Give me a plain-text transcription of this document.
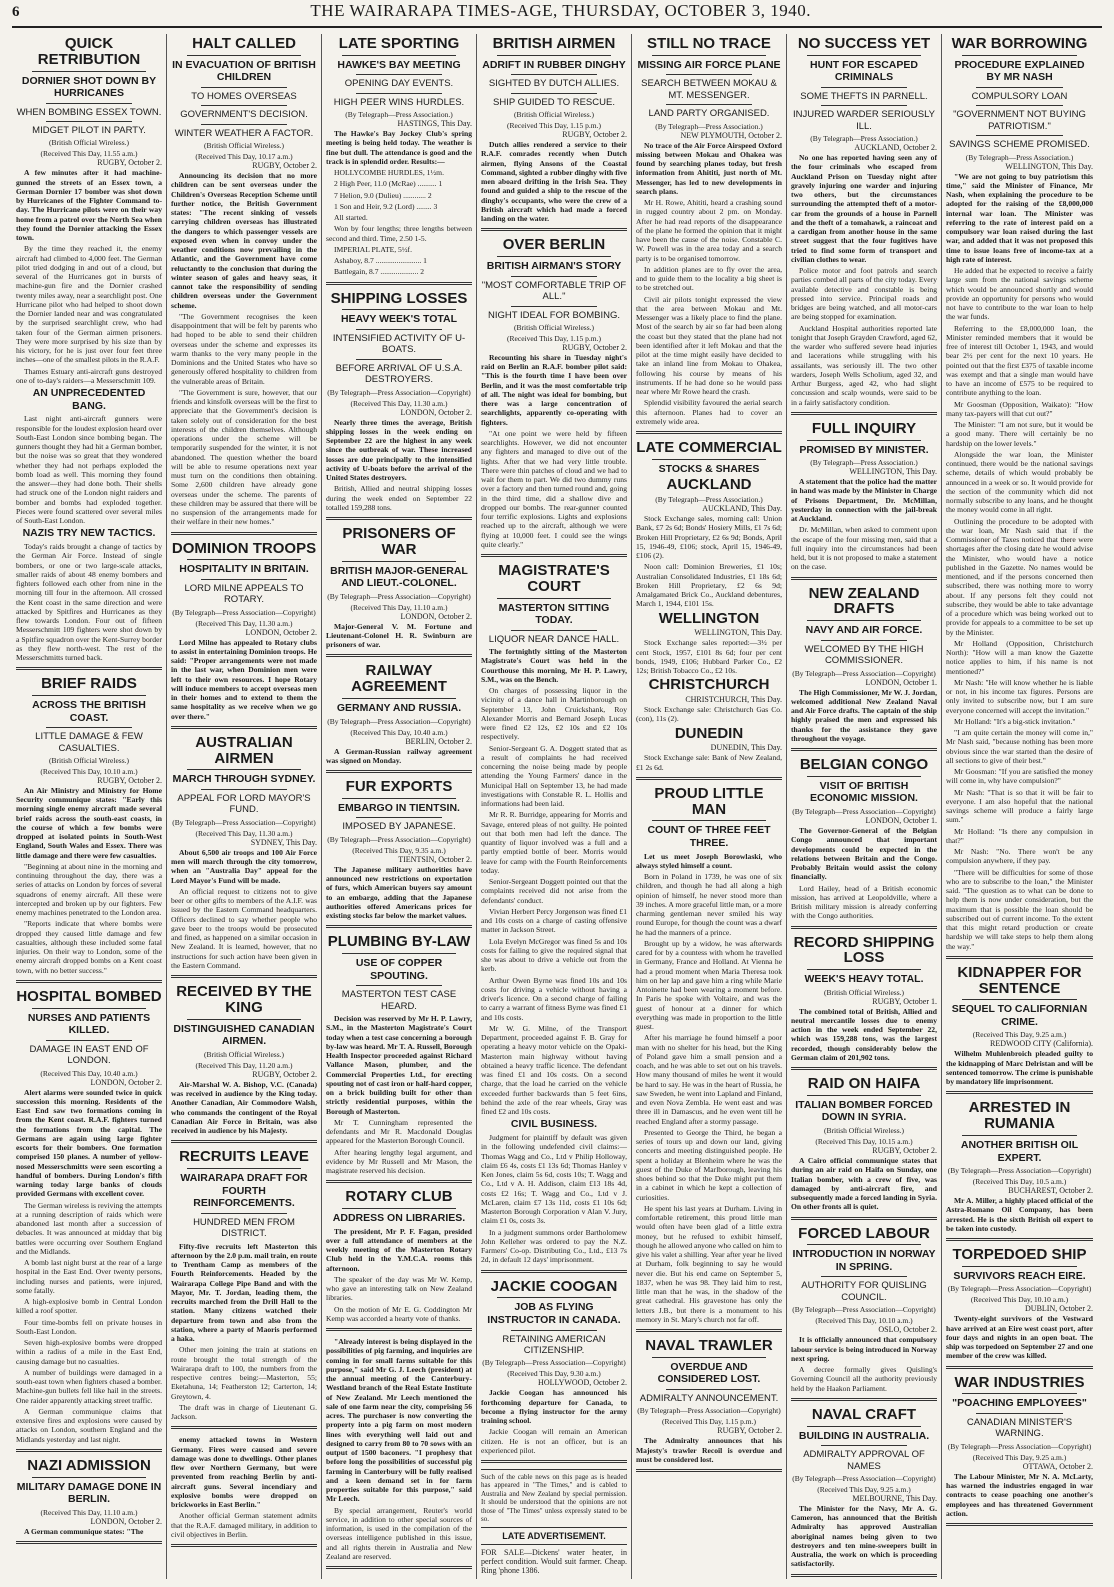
6	THE WAIRARAPA TIMES-AGE, THURSDAY, OCTOBER 3, 1940.
QUICK RETRIBUTION
DORNIER SHOT DOWN BY HURRICANES
WHEN BOMBING ESSEX TOWN.
MIDGET PILOT IN PARTY.
(British Official Wireless.)
(Received This Day, 11.55 a.m.)
RUGBY, October 2.

A few minutes after it had machine-gunned the streets of an Essex town, a German Dornier 17 bomber was shot down by Hurricanes of the Fighter Command to-day. The Hurricane pilots were on their way home from a patrol over the North Sea when they found the Dornier attacking the Essex town.

By the time they reached it, the enemy aircraft had climbed to 4,000 feet. The German pilot tried dodging in and out of a cloud, but several of the Hurricanes got in bursts of machine-gun fire and the Dornier crashed twenty miles away, near a searchlight post. One Hurricane pilot who had helped to shoot down the Dornier landed near and was congratulated by the surprised searchlight crew, who had taken four of the German airmen prisoners. They were more surprised by his size than by his victory, for he is just over four feet three inches—one of the smallest pilots in the R.A.F.

Thames Estuary anti-aircraft guns destroyed one of to-day's raiders—a Messerschmitt 109.

AN UNPRECEDENTED BANG.

Last night anti-aircraft gunners were responsible for the loudest explosion heard over South-East London since bombing began. The gunners thought they had hit a German bomber, but the noise was so great that they wondered whether they had not perhaps exploded the bomb load as well. This morning they found the answer—they had done both. Their shells had struck one of the London night raiders and bomber and bombs had exploded together. Pieces were found scattered over several miles of South-East London.

NAZIS TRY NEW TACTICS.

Today's raids brought a change of tactics by the German Air Force. Instead of single bombers, or one or two large-scale attacks, smaller raids of about 48 enemy bombers and fighters followed each other from nine in the morning till four in the afternoon. All crossed the Kent coast in the same direction and were attacked by Spitfires and Hurricanes as they flew towards London. Four out of fifteen Messerschmitt 109 fighters were shot down by a Spitfire squadron over the Kent-Surrey border as they flew north-west. The rest of the Messerschmitts turned back.

BRIEF RAIDS
ACROSS THE BRITISH COAST.
LITTLE DAMAGE & FEW CASUALTIES.
(British Official Wireless.)
(Received This Day, 10.10 a.m.)
RUGBY, October 2.

An Air Ministry and Ministry for Home Security communique states: "Early this morning single enemy aircraft made several brief raids across the south-east coasts, in the course of which a few bombs were dropped at isolated points in South-West England, South Wales and Essex. There was little damage and there were few casualties.

"Beginning at about nine in the morning and continuing throughout the day, there was a series of attacks on London by forces of several squadrons of enemy aircraft. All these were intercepted and broken up by our fighters. Few enemy machines penetrated to the London area.

"Reports indicate that where bombs were dropped they caused little damage and few casualties, although these included some fatal injuries. On their way to London, some of the enemy aircraft dropped bombs on a Kent coast town, with no better success."

HOSPITAL BOMBED
NURSES AND PATIENTS KILLED.
DAMAGE IN EAST END OF LONDON.
(Received This Day, 10.40 a.m.)
LONDON, October 2.

Alert alarms were sounded twice in quick succession this morning. Residents of the East End saw two formations coming in from the Kent coast. R.A.F. fighters turned the formations from the capital. The Germans are again using large fighter escorts for their bombers. One formation comprised 150 planes. A number of yellow-nosed Messerschmitts were seen escorting a handful of bombers. During London's fifth warning today large banks of clouds provided Germans with excellent cover.

The German wireless is reviving the attempts at a running description of raids which were abandoned last month after a succession of debacles. It was announced at midday that big battles were occurring over Southern England and the Midlands.

A bomb last night burst at the rear of a large hospital in the East End. Over twenty persons, including nurses and patients, were injured, some fatally.

A high-explosive bomb in Central London killed a roof spotter.

Four time-bombs fell on private houses in South-East London.

Seven high-explosive bombs were dropped within a radius of a mile in the East End, causing damage but no casualties.

A number of buildings were damaged in a south-east town when fighters chased a bomber. Machine-gun bullets fell like hail in the streets. One raider apparently attacking street traffic.

A German communique claims that extensive fires and explosions were caused by attacks on London, southern England and the Midlands yesterday and last night.

NAZI ADMISSION
MILITARY DAMAGE DONE IN BERLIN.
(Received This Day, 11.10 a.m.)
LONDON, October 2.

A German communique states: "The

HALT CALLED
IN EVACUATION OF BRITISH CHILDREN
TO HOMES OVERSEAS
GOVERNMENT'S DECISION.
WINTER WEATHER A FACTOR.
(British Official Wireless.)
(Received This Day, 10.17 a.m.)
RUGBY, October 2.

Announcing its decision that no more children can be sent overseas under the Children's Overseas Reception Scheme until further notice, the British Government states: "The recent sinking of vessels carrying children overseas has illustrated the dangers to which passenger vessels are exposed even when in convoy under the weather conditions now prevailing in the Atlantic, and the Government have come reluctantly to the conclusion that during the winter season of gales and heavy seas, it cannot take the responsibility of sending children overseas under the Government scheme.

"The Government recognises the keen disappointment that will be felt by parents who had hoped to be able to send their children overseas under the scheme and expresses its warm thanks to the very many people in the Dominions and the United States who have so generously offered hospitality to children from the vulnerable areas of Britain.

"The Government is sure, however, that our friends and kinsfolk overseas will be the first to appreciate that the Government's decision is taken solely out of consideration for the best interests of the children themselves. Although operations under the scheme will be temporarily suspended for the winter, it is not abandoned. The question whether the board will be able to resume operations next year must turn on the conditions then obtaining. Some 2,600 children have already gone overseas under the scheme. The parents of these children may be assured that there will be no suspension of the arrangements made for their welfare in their new homes."

DOMINION TROOPS
HOSPITALITY IN BRITAIN.
LORD MILNE APPEALS TO ROTARY.
(By Telegraph—Press Association—Copyright)
(Received This Day, 11.30 a.m.)
LONDON, October 2.

Lord Milne has appealed to Rotary clubs to assist in entertaining Dominion troops. He said: "Proper arrangements were not made in the last war, when Dominion men were left to their own resources. I hope Rotary will induce members to accept overseas men in their homes and to extend to them the same hospitality as we receive when we go over there."

AUSTRALIAN AIRMEN
MARCH THROUGH SYDNEY.
APPEAL FOR LORD MAYOR'S FUND.
(By Telegraph—Press Association—Copyright)
(Received This Day, 11.30 a.m.)
SYDNEY, This Day.

About 6,500 air troops and 100 Air Force men will march through the city tomorrow, when an "Australia Day" appeal for the Lord Mayor's Fund will be made.

An official request to citizens not to give beer or other gifts to members of the A.I.F. was issued by the Eastern Command headquarters. Officers declined to say whether people who gave beer to the troops would be prosecuted and fined, as happened on a similar occasion in New Zealand. It is learned, however, that no instructions for such action have been given in the Eastern Command.

RECEIVED BY THE KING
DISTINGUISHED CANADIAN AIRMEN.
(British Official Wireless.)
(Received This Day, 11.20 a.m.)
RUGBY, October 2.

Air-Marshal W. A. Bishop, V.C. (Canada) was received in audience by the King today. Another Canadian, Air Commodore Walsh, who commands the contingent of the Royal Canadian Air Force in Britain, was also received in audience by his Majesty.

RECRUITS LEAVE
WAIRARAPA DRAFT FOR FOURTH REINFORCEMENTS.
HUNDRED MEN FROM DISTRICT.

Fifty-five recruits left Masterton this afternoon by the 2.0 p.m. mail train, en route to Trentham Camp as members of the Fourth Reinforcements. Headed by the Wairarapa College Pipe Band and with the Mayor, Mr. T. Jordan, leading them, the recruits marched from the Drill Hall to the station. Many citizens watched their departure from town and also from the station, where a party of Maoris performed a haka.

Other men joining the train at stations en route brought the total strength of the Wairarapa draft to 100, the numbers from the respective centres being:—Masterton, 55; Eketahuna, 14; Featherston 12; Carterton, 14; Greytown, 4.

The draft was in charge of Lieutenant G. Jackson.

enemy attacked towns in Western Germany. Fires were caused and severe damage was done to dwellings. Other planes flew over Northern Germany, but were prevented from reaching Berlin by anti-aircraft guns. Several incendiary and explosive bombs were dropped on brickworks in East Berlin."

Another official German statement admits that the R.A.F. damaged military, in addition to civil objectives in Berlin.

LATE SPORTING
HAWKE'S BAY MEETING
OPENING DAY EVENTS.
HIGH PEER WINS HURDLES.
(By Telegraph—Press Association.)
HASTINGS, This Day.

The Hawke's Bay Jockey Club's spring meeting is being held today. The weather is fine but dull. The attendance is good and the track is in splendid order. Results:—

HOLLYCOMBE HURDLES, 1½m.

2 High Peer, 11.0 (McRae) .......... 1

7 Helion, 9.0 (Dulieu) ............ 2

1 Son and Heir, 9.2 (Lord) ........ 3

All started.

Won by four lengths; three lengths between second and third. Time, 2.50 1-5.

IMPERIAL PLATE, 5½f.

Ashaboy, 8.7 ........................ 1

Battlegain, 8.7 .................... 2

SHIPPING LOSSES
HEAVY WEEK'S TOTAL
INTENSIFIED ACTIVITY OF U-BOATS.
BEFORE ARRIVAL OF U.S.A. DESTROYERS.
(By Telegraph—Press Association—Copyright)
(Received This Day, 11.30 a.m.)
LONDON, October 2.

Nearly three times the average, British shipping losses in the week ending on September 22 are the highest in any week since the outbreak of war. These increased losses are due principally to the intensified activity of U-boats before the arrival of the United States destroyers.

British, Allied and neutral shipping losses during the week ended on September 22 totalled 159,288 tons.

PRISONERS OF WAR
BRITISH MAJOR-GENERAL AND LIEUT.-COLONEL.
(By Telegraph—Press Association—Copyright)
(Received This Day, 11.10 a.m.)
LONDON, October 2.

Major-General V. M. Fortune and Lieutenant-Colonel H. R. Swinburn are prisoners of war.

RAILWAY AGREEMENT
GERMANY AND RUSSIA.
(By Telegraph—Press Association—Copyright)
(Received This Day, 10.40 a.m.)
BERLIN, October 2.

A German-Russian railway agreement was signed on Monday.

FUR EXPORTS
EMBARGO IN TIENTSIN.
IMPOSED BY JAPANESE.
(By Telegraph—Press Association—Copyright)
(Received This Day, 9.35 a.m.)
TIENTSIN, October 2.

The Japanese military authorities have announced new restrictions on exportation of furs, which American buyers say amount to an embargo, adding that the Japanese authorities offered Americans prices for existing stocks far below the market values.

PLUMBING BY-LAW
USE OF COPPER SPOUTING.
MASTERTON TEST CASE HEARD.

Decision was reserved by Mr H. P. Lawry, S.M., in the Masterton Magistrate's Court today when a test case concerning a borough by-law was heard. Mr T. A. Russell, Borough Health Inspector proceeded against Richard Vallance Mason, plumber, and the Commercial Properties Ltd., for erecting spouting not of cast iron or half-hard copper, on a brick building built for other than strictly residential purposes, within the Borough of Masterton.

Mr T. Cunningham represented the defendants and Mr R. Macdonald Douglas appeared for the Masterton Borough Council.

After hearing lengthy legal argument, and evidence by Mr Russell and Mr Mason, the magistrate reserved his decision.

ROTARY CLUB
ADDRESS ON LIBRARIES.

The president, Mr P. F. Fagan, presided over a full attendance of members at the weekly meeting of the Masterton Rotary Club held in the Y.M.C.A. rooms this afternoon.

The speaker of the day was Mr W. Kemp, who gave an interesting talk on New Zealand libraries.

On the motion of Mr E. G. Coddington Mr Kemp was accorded a hearty vote of thanks.

"Already interest is being displayed in the possibilities of pig farming, and inquiries are coming in for small farms suitable for this purpose," said Mr G. J. Leech (president) at the annual meeting of the Canterbury-Westland branch of the Real Estate Institute of New Zealand. Mr Leech mentioned the sale of one farm near the city, comprising 56 acres. The purchaser is now converting the property into a pig farm on most modern lines with everything well laid out and designed to carry from 80 to 70 sows with an output of 1500 baconers. "I prophesy that before long the possibilities of successful pig farming in Canterbury will be fully realised and a keen demand set in for farm properties suitable for this purpose," said Mr Leech.

By special arrangement, Reuter's world service, in addition to other special sources of information, is used in the compilation of the overseas intelligence published in this issue, and all rights therein in Australia and New Zealand are reserved.

BRITISH AIRMEN
ADRIFT IN RUBBER DINGHY
SIGHTED BY DUTCH ALLIES.
SHIP GUIDED TO RESCUE.
(British Official Wireless.)
(Received This Day, 1.15 p.m.)
RUGBY, October 2.

Dutch allies rendered a service to their R.A.F. comrades recently when Dutch airmen, flying Ansons of the Coastal Command, sighted a rubber dinghy with five men aboard drifting in the Irish Sea. They found and guided a ship to the rescue of the dinghy's occupants, who were the crew of a British aircraft which had made a forced landing on the water.

OVER BERLIN
BRITISH AIRMAN'S STORY
"MOST COMFORTABLE TRIP OF ALL."
NIGHT IDEAL FOR BOMBING.
(British Official Wireless.)
(Received This Day, 1.15 p.m.)
RUGBY, October 2.

Recounting his share in Tuesday night's raid on Berlin an R.A.F. bomber pilot said: "This is the fourth time I have been over Berlin, and it was the most comfortable trip of all. The night was ideal for bombing, but there was a large concentration of searchlights, apparently co-operating with fighters.

"At one point we were held by fifteen searchlights. However, we did not encounter any fighters and managed to dive out of the lights. After that we had very little trouble. There were thin patches of cloud and we had to wait for them to part. We did two dummy runs over a factory and then turned round and, going in the third time, did a shallow dive and dropped our bombs. The rear-gunner counted four terrific explosions. Lights and explosions reached up to the aircraft, although we were flying at 10,000 feet. I could see the wings quite clearly."

MAGISTRATE'S COURT
MASTERTON SITTING TODAY.
LIQUOR NEAR DANCE HALL.

The fortnightly sitting of the Masterton Magistrate's Court was held in the Courthouse this morning, Mr H. P. Lawry, S.M., was on the Bench.

On charges of possessing liquor in the vicinity of a dance hall in Martinborough on September 13, John Cruickshank, Roy Alexander Morris and Bernard Joseph Lucas were fined £2 12s, £2 10s and £2 10s respectively.

Senior-Sergeant G. A. Doggett stated that as a result of complaints he had received concerning the noise being made by people attending the Young Farmers' dance in the Municipal Hall on September 13, he had made investigations with Constable R. L. Hollis and informations had been laid.

Mr R. R. Burridge, appearing for Morris and Savage, entered pleas of not guilty. He pointed out that both men had left the dance. The quantity of liquor involved was a full and a partly emptied bottle of beer. Morris would leave for camp with the Fourth Reinforcements today.

Senior-Sergeant Doggett pointed out that the complaints received did not arise from the defendants' conduct.

Vivian Herbert Percy Jorgenson was fined £1 and 10s costs on a charge of casting offensive matter in Jackson Street.

Lola Evelyn McGregor was fined 5s and 10s costs for failing to give the required signal that she was about to drive a vehicle out from the kerb.

Arthur Owen Byrne was fined 10s and 10s costs for driving a vehicle without having a driver's licence. On a second charge of failing to carry a warrant of fitness Byrne was fined £1 and 10s costs.

Mr W. G. Milne, of the Transport Department, proceeded against F. B. Gray for operating a heavy motor vehicle on the Opaki-Masterton main highway without having obtained a heavy traffic licence. The defendant was fined £1 and 10s costs. On a second charge, that the load he carried on the vehicle exceeded further backwards than 5 feet 6ins, behind the axle of the rear wheels, Gray was fined £2 and 10s costs.

CIVIL BUSINESS.

Judgment for plaintiff by default was given in the following undefended civil claims:—Thomas Wagg and Co., Ltd v Philip Holloway, claim £6 4s, costs £1 13s 6d; Thomas Hanley v Ken Jones, claim 5s 6d, costs 10s; T. Wagg and Co., Ltd v A. H. Addison, claim £13 18s 4d, costs £2 16s; T. Wagg and Co., Ltd v J. McLaren, claim £7 13s 11d, costs £1 10s 6d; Masterton Borough Corporation v Alan V. Jury, claim £1 0s, costs 3s.

In a judgment summons order Bartholomew John Kelleher was ordered to pay the N.Z. Farmers' Co-op. Distributing Co., Ltd., £13 7s 2d, in default 12 days' imprisonment.

JACKIE COOGAN
JOB AS FLYING INSTRUCTOR IN CANADA.
RETAINING AMERICAN CITIZENSHIP.
(By Telegraph—Press Association—Copyright)
(Received This Day, 9.30 a.m.)
HOLLYWOOD, October 2.

Jackie Coogan has announced his forthcoming departure for Canada, to become a flying instructor for the army training school.

Jackie Coogan will remain an American citizen. He is not an officer, but is an experienced pilot.

Such of the cable news on this page as is headed has appeared in "The Times," and is cabled to Australia and New Zealand by special permission. It should be understood that the opinions are not those of "The Times" unless expressly stated to be so.
LATE ADVERTISEMENT.
FOR SALE—Dickens' water heater, in perfect condition. Would suit farmer. Cheap. Ring 'phone 1386.
STILL NO TRACE
MISSING AIR FORCE PLANE
SEARCH BETWEEN MOKAU & MT. MESSENGER.
LAND PARTY ORGANISED.
(By Telegraph—Press Association.)
NEW PLYMOUTH, October 2.

No trace of the Air Force Airspeed Oxford missing between Mokau and Ohakea was found by searching planes today, but fresh information from Ahititi, just north of Mt. Messenger, has led to new developments in search plans.

Mr H. Rowe, Ahititi, heard a crashing sound in rugged country about 2 pm. on Monday. After he had read reports of the disappearance of the plane he formed the opinion that it might have been the cause of the noise. Constable C. W. Powell was in the area today and a search party is to be organised tomorrow.

In addition planes are to fly over the area, and to guide them to the locality a big sheet is to be stretched out.

Civil air pilots tonight expressed the view that the area between Mokau and Mt. Messenger was a likely place to find the plane. Most of the search by air so far had been along the coast but they stated that the plane had not been identified after it left Mokau and that the pilot at the time might easily have decided to take an inland line from Mokau to Ohakea, following his course by means of his instruments. If he had done so he would pass near where Mr Rowe heard the crash.

Splendid visibility favoured the aerial search this afternoon. Planes had to cover an extremely wide area.

LATE COMMERCIAL
STOCKS & SHARES
AUCKLAND
(By Telegraph—Press Association.)
AUCKLAND, This Day.

Stock Exchange sales, morning call: Union Bank, £7 2s 6d; Bonds' Hosiery Mills, £1 7s 6d; Broken Hill Proprietary, £2 6s 9d; Bonds, April 15, 1946-49, £106; stock, April 15, 1946-49, £106 (2).

Noon call: Dominion Breweries, £1 10s; Australian Consolidated Industries, £1 18s 6d; Broken Hill Proprietary, £2 6s 9d; Amalgamated Brick Co., Auckland debentures, March 1, 1944, £101 15s.

WELLINGTON
WELLINGTON, This Day.

Stock Exchange sales reported:—3½ per cent Stock, 1957, £101 8s 6d; four per cent bonds, 1949, £106; Hubbard Parker Co., £2 12s; British Tobacco Co., £2 10s.

CHRISTCHURCH
CHRISTCHURCH, This Day.

Stock Exchange sale: Christchurch Gas Co. (con), 11s (2).

DUNEDIN
DUNEDIN, This Day.

Stock Exchange sale: Bank of New Zealand, £1 2s 6d.

PROUD LITTLE MAN
COUNT OF THREE FEET THREE.

Let us meet Joseph Borowlaski, who always styled himself a count.

Born in Poland in 1739, he was one of six children, and though he had all along a high opinion of himself, he never stood more than 39 inches. A more graceful little man, or a more charming gentleman never smiled his way round Europe, for though the count was a dwarf he had the manners of a prince.

Brought up by a widow, he was afterwards cared for by a countess with whom he travelled in Germany, France and Holland. At Vienna he had a proud moment when Maria Theresa took him on her lap and gave him a ring while Marie Antoinette had been wearing a moment before. In Paris he spoke with Voltaire, and was the guest of honour at a dinner for which everything was made in proportion to the little guest.

After his marriage he found himself a poor man with no shelter for his head, but the King of Poland gave him a small pension and a coach, and he was able to set out on his travels. How many thousand of miles he went it would be hard to say. He was in the heart of Russia, he saw Sweden, he went into Lapland and Finland, and even Nova Zembla. He went east and was three ill in Damascus, and he even went till he reached England after a stormy passage.

Presented to George the Third, he began a series of tours up and down our land, giving concerts and meeting distinguished people. He spent a holiday at Blenheim where he was the guest of the Duke of Marlborough, leaving his shoes behind so that the Duke might put them in a cabinet in which he kept a collection of curiosities.

He spent his last years at Durham. Living in comfortable retirement, this proud little man would often have been glad of a little extra money, but he refused to exhibit himself, though he allowed anyone who called on him to give his valet a shilling. Year after year he lived at Durham, folk beginning to say he would never die. But his end came on September 5, 1837, when he was 98. They laid him to rest, little man that he was, in the shadow of the great cathedral. His gravestone has only the letters J.B., but there is a monument to his memory in St. Mary's church not far off.

NAVAL TRAWLER
OVERDUE AND CONSIDERED LOST.
ADMIRALTY ANNOUNCEMENT.
(By Telegraph—Press Association—Copyright)
(Received This Day, 1.15 p.m.)
RUGBY, October 2.

The Admiralty announces that his Majesty's trawler Recoil is overdue and must be considered lost.

NO SUCCESS YET
HUNT FOR ESCAPED CRIMINALS
SOME THEFTS IN PARNELL.
INJURED WARDER SERIOUSLY ILL.
(By Telegraph—Press Association.)
AUCKLAND, October 2.

No one has reported having seen any of the four criminals who escaped from Auckland Prison on Tuesday night after gravely injuring one warder and injuring two others, but the circumstances surrounding the attempted theft of a motor-car from the grounds of a house in Parnell and the theft of a tomahawk, a raincoat and a cardigan from another house in the same street suggest that the four fugitives have tried to find some form of transport and civilian clothes to wear.

Police motor and foot patrols and search parties combed all parts of the city today. Every available detective and constable is being pressed into service. Principal roads and bridges are being watched, and all motor-cars are being stopped for examination.

Auckland Hospital authorities reported late tonight that Joseph Grayden Crawford, aged 62, the warder who suffered severe head injuries and lacerations while struggling with his assailants, was seriously ill. The two other warders, Joseph Wells Scholium, aged 32, and Arthur Burgess, aged 42, who had slight concussion and scalp wounds, were said to be in a fairly satisfactory condition.

FULL INQUIRY
PROMISED BY MINISTER.
(By Telegraph—Press Association.)
WELLINGTON, This Day.

A statement that the police had the matter in hand was made by the Minister in Charge of Prisons Department, Dr. McMillan, yesterday in connection with the jail-break at Auckland.

Dr. McMillan, when asked to comment upon the escape of the four missing men, said that a full inquiry into the circumstances had been held, but it is not proposed to make a statement on the case.

NEW ZEALAND DRAFTS
NAVY AND AIR FORCE.
WELCOMED BY THE HIGH COMMISSIONER.
(By Telegraph—Press Association—Copyright)
LONDON, October 1.

The High Commissioner, Mr W. J. Jordan, welcomed additional New Zealand Naval and Air Force drafts. The captain of the ship highly praised the men and expressed his thanks for the assistance they gave throughout the voyage.

BELGIAN CONGO
VISIT OF BRITISH ECONOMIC MISSION.
(By Telegraph—Press Association—Copyright)
LONDON, October 1.

The Governor-General of the Belgian Congo announced that important developments could be expected in the relations between Britain and the Congo. Probably Britain would assist the colony financially.

Lord Hailey, head of a British economic mission, has arrived at Leopoldville, where a British military mission is already conferring with the Congo authorities.

RECORD SHIPPING LOSS
WEEK'S HEAVY TOTAL.
(British Official Wireless.)
RUGBY, October 1.

The combined total of British, Allied and neutral mercantile losses due to enemy action in the week ended September 22, which was 159,288 tons, was the largest recorded, though considerably below the German claim of 201,902 tons.

RAID ON HAIFA
ITALIAN BOMBER FORCED DOWN IN SYRIA.
(British Official Wireless.)
(Received This Day, 10.15 a.m.)
RUGBY, October 2.

A Cairo official communique states that during an air raid on Haifa on Sunday, one Italian bomber, with a crew of five, was damaged by anti-aircraft fire, and subsequently made a forced landing in Syria. On other fronts all is quiet.

FORCED LABOUR
INTRODUCTION IN NORWAY IN SPRING.
AUTHORITY FOR QUISLING COUNCIL.
(By Telegraph—Press Association—Copyright)
(Received This Day, 10.10 a.m.)
OSLO, October 2.

It is officially announced that compulsory labour service is being introduced in Norway next spring.

A decree formally gives Quisling's Governing Council all the authority previously held by the Haakon Parliament.

NAVAL CRAFT
BUILDING IN AUSTRALIA.
ADMIRALTY APPROVAL OF NAMES
(By Telegraph—Press Association—Copyright)
(Received This Day, 9.25 a.m.)
MELBOURNE, This Day.

The Minister for the Navy, Mr A. G. Cameron, has announced that the British Admiralty has approved Australian aboriginal names being given to two destroyers and ten mine-sweepers built in Australia, the work on which is proceeding satisfactorily.

WAR BORROWING
PROCEDURE EXPLAINED BY MR NASH
COMPULSORY LOAN
"GOVERNMENT NOT BUYING PATRIOTISM."
SAVINGS SCHEME PROMISED.
(By Telegraph—Press Association.)
WELLINGTON, This Day.

"We are not going to buy patriotism this time," said the Minister of Finance, Mr Nash, when explaining the procedure to be adopted for the raising of the £8,000,000 internal war loan. The Minister was referring to the rate of interest paid on a compulsory war loan raised during the last war, and added that it was not proposed this time to issue loans free of income-tax at a high rate of interest.

He added that he expected to receive a fairly large sum from the national savings scheme which would be announced shortly and would provide an opportunity for persons who would not have to contribute to the war loan to help the war funds.

Referring to the £8,000,000 loan, the Minister reminded members that it would be free of interest till October 1, 1943, and would bear 2½ per cent for the next 10 years. He pointed out that the first £375 of taxable income was exempt and that a single man would have to have an income of £575 to be required to contribute anything to the loan.

Mr Goosman (Opposition, Waikato): "How many tax-payers will that cut out?"

The Minister: "I am not sure, but it would be a good many. There will certainly be no hardship on the lower levels."

Alongside the war loan, the Minister continued, there would be the national savings scheme, details of which would probably be announced in a week or so. It would provide for the section of the community which did not normally subscribe to any loans, and he thought the money would come in all right.

Outlining the procedure to be adopted with the war loan, Mr Nash said that if the Commissioner of Taxes noticed that there were shortages after the closing date he would advise the Minister, who would have a notice published in the Gazette. No names would be mentioned, and if the persons concerned then subscribed, there was nothing more to worry about. If any persons felt they could not subscribe, they would be able to take advantage of a procedure which was being worked out to provide for appeals to a committee to be set up by the Minister.

Mr Holland (Opposition, Christchurch North): "How will a man know the Gazette notice applies to him, if his name is not mentioned?"

Mr Nash: "He will know whether he is liable or not, in his income tax figures. Persons are only invited to subscribe now, but I am sure everyone concerned will accept the invitation."

Mr Holland: "It's a big-stick invitation."

"I am quite certain the money will come in," Mr Nash said, "because nothing has been more obvious since the war started than the desire of all sections to give of their best."

Mr Goosman: "If you are satisfied the money will come in, why have compulsion?"

Mr Nash: "That is so that it will be fair to everyone. I am also hopeful that the national savings scheme will produce a fairly large sum."

Mr Holland: "Is there any compulsion in that?"

Mr Nash: "No. There won't be any compulsion anywhere, if they pay.

"There will be difficulties for some of those who are to subscribe to the loan," the Minister said. "The question as to what can be done to help them is now under consideration, but the maximum that is possible the loan should be subscribed out of current income. To the extent that this might retard production or create hardship we will take steps to help them along the way."

KIDNAPPER FOR SENTENCE
SEQUEL TO CALIFORNIAN CRIME.
(Received This Day, 9.25 a.m.)
REDWOOD CITY (California).

Wilhelm Muhlenbroich pleaded guilty to the kidnapping of Marc Delristan and will be sentenced tomorrow. The crime is punishable by mandatory life imprisonment.

ARRESTED IN RUMANIA
ANOTHER BRITISH OIL EXPERT.
(By Telegraph—Press Association—Copyright)
(Received This Day, 10.5 a.m.)
BUCHAREST, October 2.

Mr A. Miller, a highly placed official of the Astra-Romano Oil Company, has been arrested. He is the sixth British oil expert to be taken into custody.

TORPEDOED SHIP
SURVIVORS REACH EIRE.
(By Telegraph—Press Association—Copyright)
(Received This Day, 10.10 a.m.)
DUBLIN, October 2.

Twenty-eight survivors of the Vestward have arrived at an Eire west coast port, after four days and nights in an open boat. The ship was torpedoed on September 27 and one member of the crew was killed.

WAR INDUSTRIES
"POACHING EMPLOYEES"
CANADIAN MINISTER'S WARNING.
(By Telegraph—Press Association—Copyright)
(Received This Day, 9.25 a.m.)
OTTAWA, October 2.

The Labour Minister, Mr N. A. McLarty, has warned the industries engaged in war contracts to cease poaching one another's employees and has threatened Government action.
